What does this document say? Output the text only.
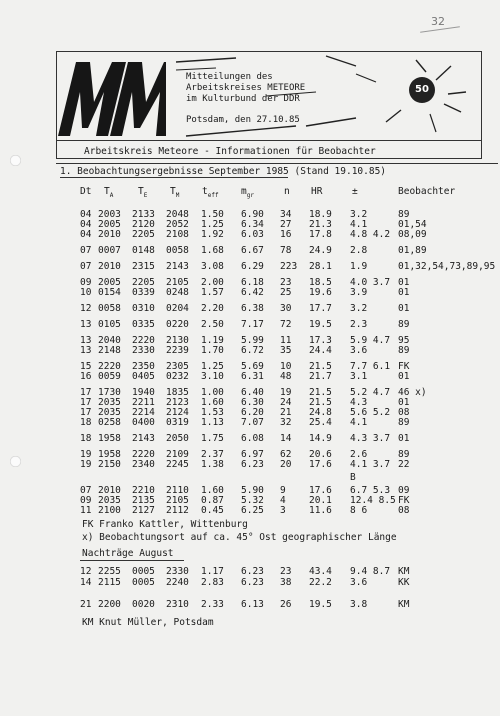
32
Mitteilungen des
Arbeitskreises METEORE
im Kulturbund der DDR
Potsdam, den 27.10.85
50
Arbeitskreis Meteore - Informationen für Beobachter
1. Beobachtungsergebnisse September 1985 (Stand 19.10.85)
Dt $T_A$	$T_E$ $T_M$ $t_{eff}$ $m_{gr}$	n HR	±	Beobachter
04 2003 2133 2048 1.50 6.90 34 18.9 3.2	89
04 2005 2120 2052 1.25 6.34 27 21.3 4.1	01,54
04 2010 2205 2108 1.92 6.03 16 17.8 4.8 4.2 08,09
07 0007 0148 0058 1.68 6.67 78 24.9 2.8	01,89
07 2010 2315 2143 3.08 6.29 223 28.1 1.9	01,32,54,73,89,95
09 2005 2205 2105 2.00 6.18 23 18.5 4.0 3.7 01
10 0154 0339 0248 1.57 6.42 25 19.6 3.9	01
12 0058 0310 0204 2.20 6.38 30 17.7 3.2	01
13 0105 0335 0220 2.50 7.17 72 19.5 2.3	89
13 2040 2220 2130 1.19 5.99 11 17.3 5.9 4.7 95
13 2148 2330 2239 1.70 6.72 35 24.4 3.6	89
15 2220 2350 2305 1.25 5.69 10 21.5 7.7 6.1 FK
16 0059 0405 0232 3.10 6.31 48 21.7 3.1	01
17 1730 1940 1835 1.00 6.40 19 21.5 5.2 4.7 46 x)
17 2035 2211 2123 1.60 6.30 24 21.5 4.3	01
17 2035 2214 2124 1.53 6.20 21 24.8 5.6 5.2 08
18 0258 0400 0319 1.13 7.07 32 25.4 4.1	89
18 1958 2143 2050 1.75 6.08 14 14.9 4.3 3.7 01
19 1958 2220 2109 2.37 6.97 62 20.6 2.6	89
19 2150 2340 2245 1.38 6.23 20 17.6 4.1 3.7 22
B
07 2010 2210 2110 1.60 5.90 9 17.6 6.7 5.3 09
09 2035 2135 2105 0.87 5.32 4 20.1 12.4 8.5 FK
11 2100 2127 2112 0.45 6.25 3 11.6 8 6	08
FK Franko Kattler, Wittenburg
x) Beobachtungsort auf ca. 45° Ost geographischer Länge
Nachträge August
12 2255 0005 2330 1.17 6.23 23 43.4 9.4 8.7 KM
14 2115 0005 2240 2.83 6.23 38 22.2 3.6	KK
21 2200 0020 2310 2.33 6.13 26 19.5 3.8	KM
KM Knut Müller, Potsdam
